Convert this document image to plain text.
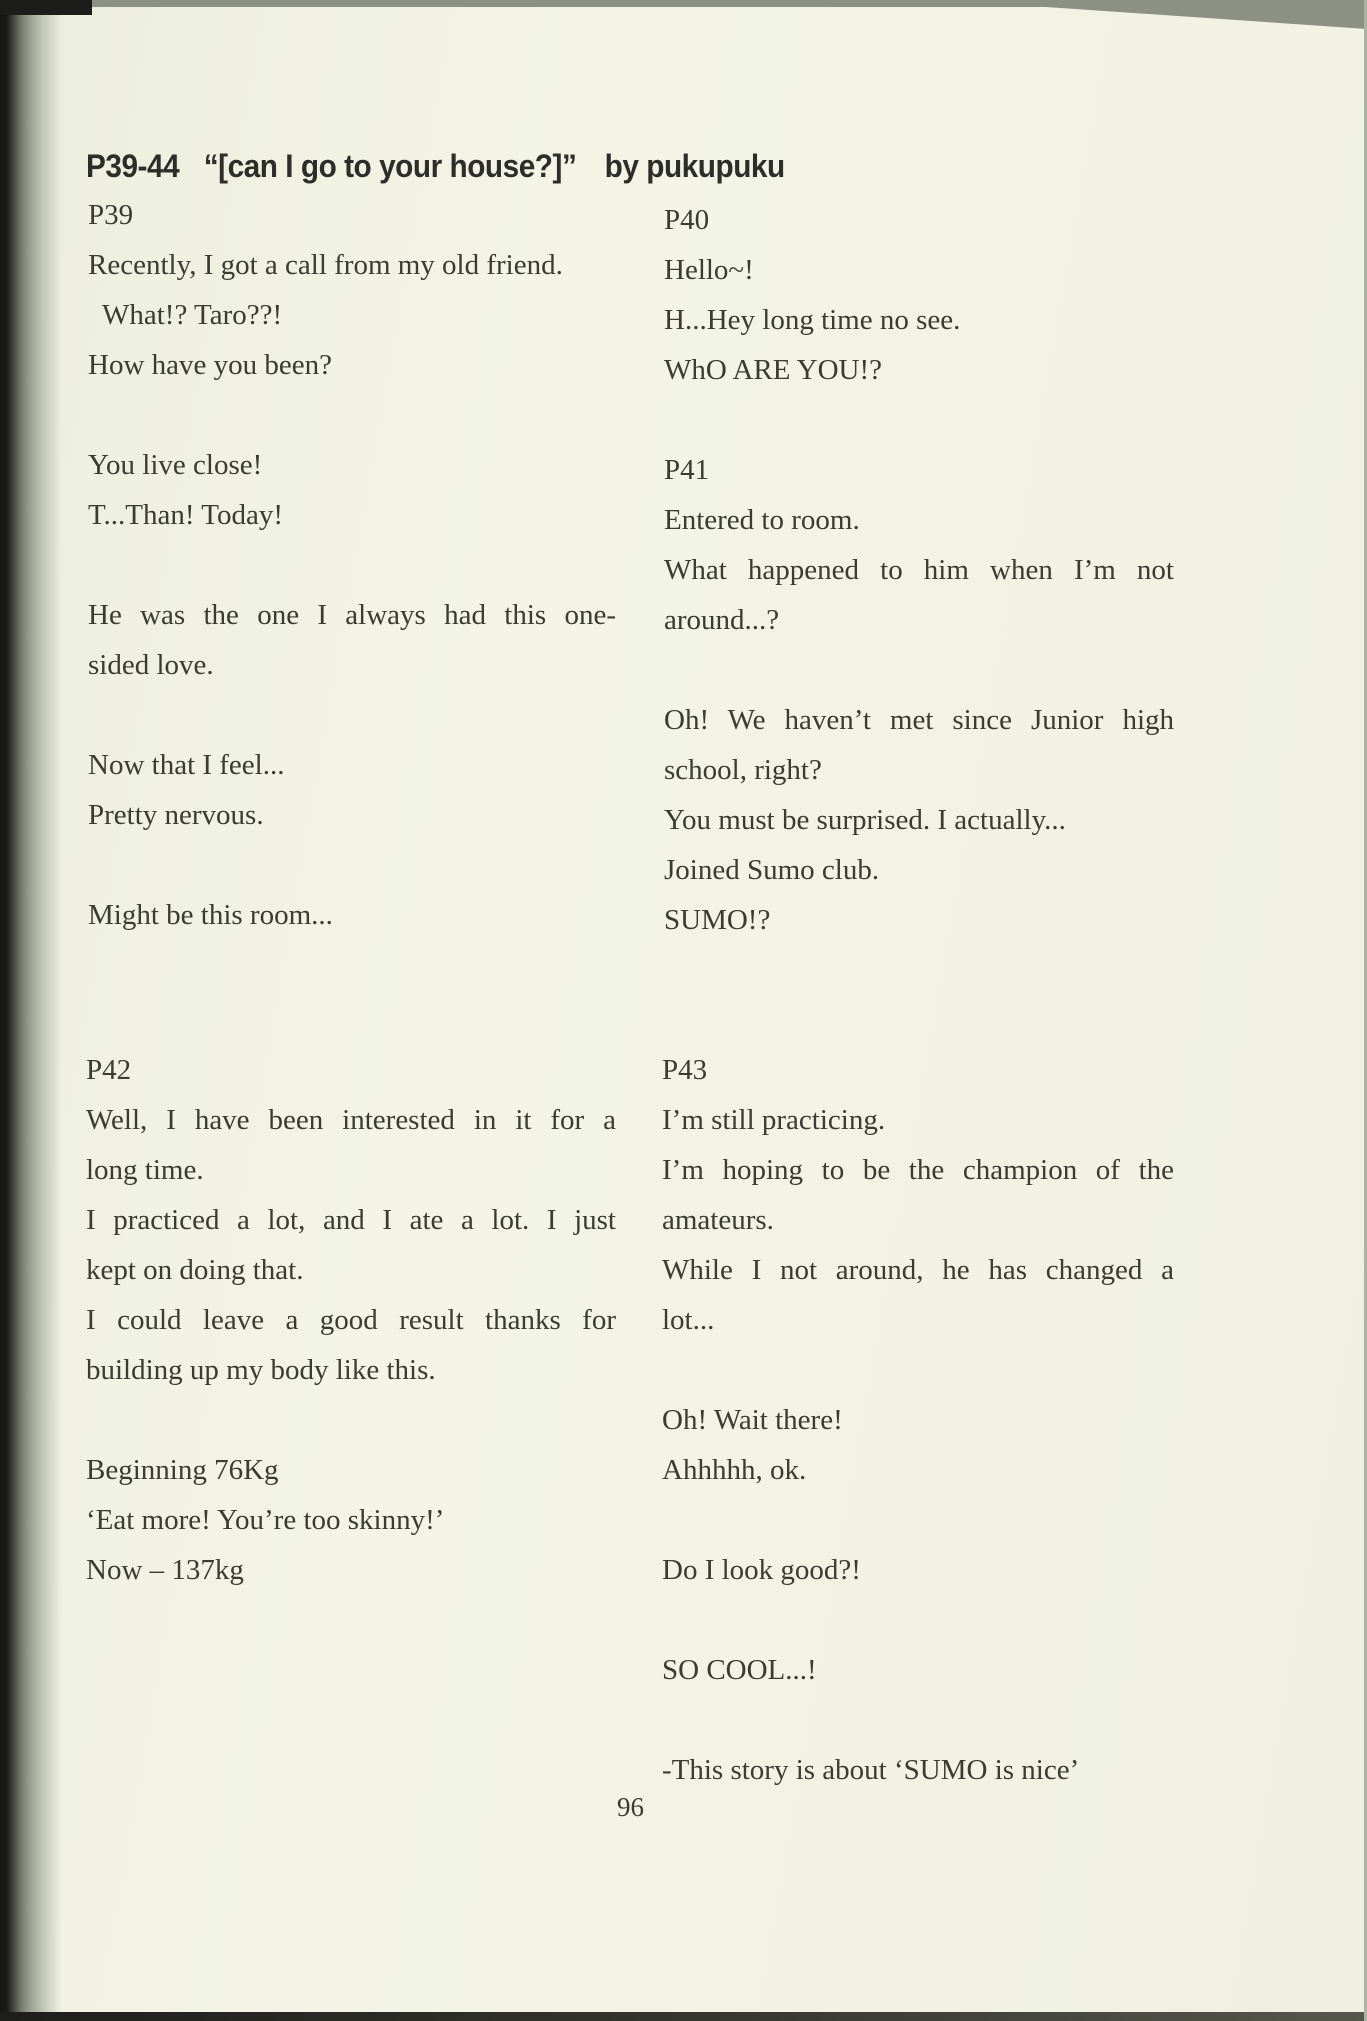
P39-44 “[can I go to your house?]” by pukupuku
P39
Recently, I got a call from my old friend.
What!? Taro??!
How have you been?
You live close!
T...Than! Today!
He was the one I always had this one-
sided love.
Now that I feel...
Pretty nervous.
Might be this room...
P40
Hello~!
H...Hey long time no see.
WhO ARE YOU!?
P41
Entered to room.
What happened to him when I’m not
around...?
Oh! We haven’t met since Junior high
school, right?
You must be surprised. I actually...
Joined Sumo club.
SUMO!?
P42
Well, I have been interested in it for a
long time.
I practiced a lot, and I ate a lot. I just
kept on doing that.
I could leave a good result thanks for
building up my body like this.
Beginning 76Kg
‘Eat more! You’re too skinny!’
Now – 137kg
P43
I’m still practicing.
I’m hoping to be the champion of the
amateurs.
While I not around, he has changed a
lot...
Oh! Wait there!
Ahhhhh, ok.
Do I look good?!
SO COOL...!
-This story is about ‘SUMO is nice’
96
